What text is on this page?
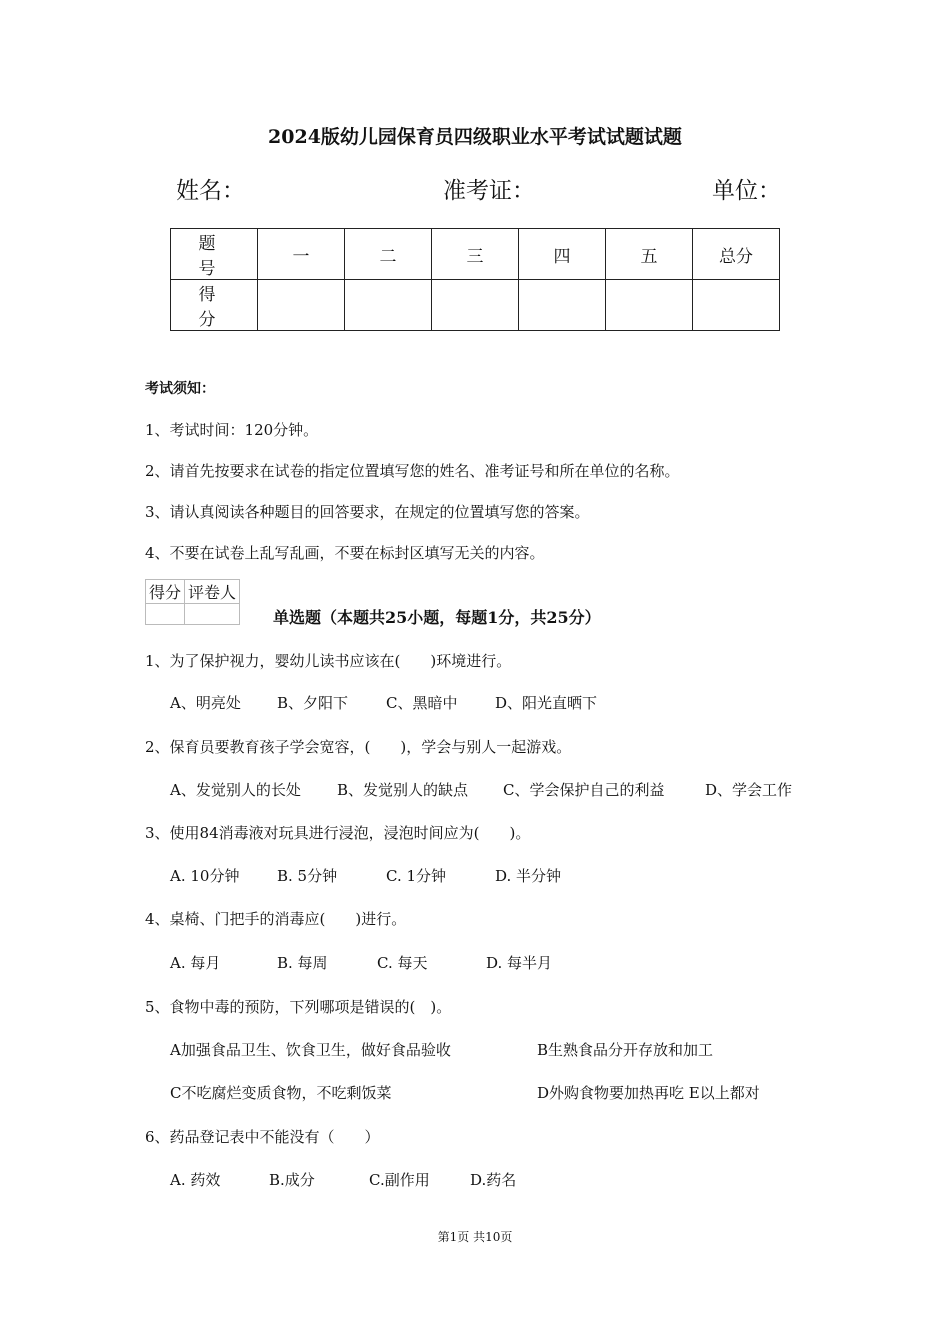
2024版幼儿园保育员四级职业水平考试试题试题
姓名：	准考证：	单位：
题　号	一	二	三	四	五	总分
得　分						
考试须知：
1、考试时间：120分钟。
2、请首先按要求在试卷的指定位置填写您的姓名、准考证号和所在单位的名称。
3、请认真阅读各种题目的回答要求，在规定的位置填写您的答案。
4、不要在试卷上乱写乱画，不要在标封区填写无关的内容。
得分	评卷人

单选题（本题共25小题，每题1分，共25分）
1、为了保护视力，婴幼儿读书应该在(　　)环境进行。
A、明亮处 B、夕阳下	C、黑暗中	D、阳光直晒下
2、保育员要教育孩子学会宽容，(　　)，学会与别人一起游戏。
A、发觉别人的长处 B、发觉别人的缺点 C、学会保护自己的利益	D、学会工作
3、使用84消毒液对玩具进行浸泡，浸泡时间应为(　　)。
A. 10分钟	B. 5分钟	C. 1分钟	D. 半分钟
4、桌椅、门把手的消毒应(　　)进行。
A. 每月	B. 每周	C. 每天	D. 每半月
5、食物中毒的预防，下列哪项是错误的(　)。
A加强食品卫生、饮食卫生，做好食品验收	B生熟食品分开存放和加工
C不吃腐烂变质食物，不吃剩饭菜	D外购食物要加热再吃 E以上都对
6、药品登记表中不能没有（　　）
A. 药效	B.成分	C.副作用	D.药名
第1页 共10页
